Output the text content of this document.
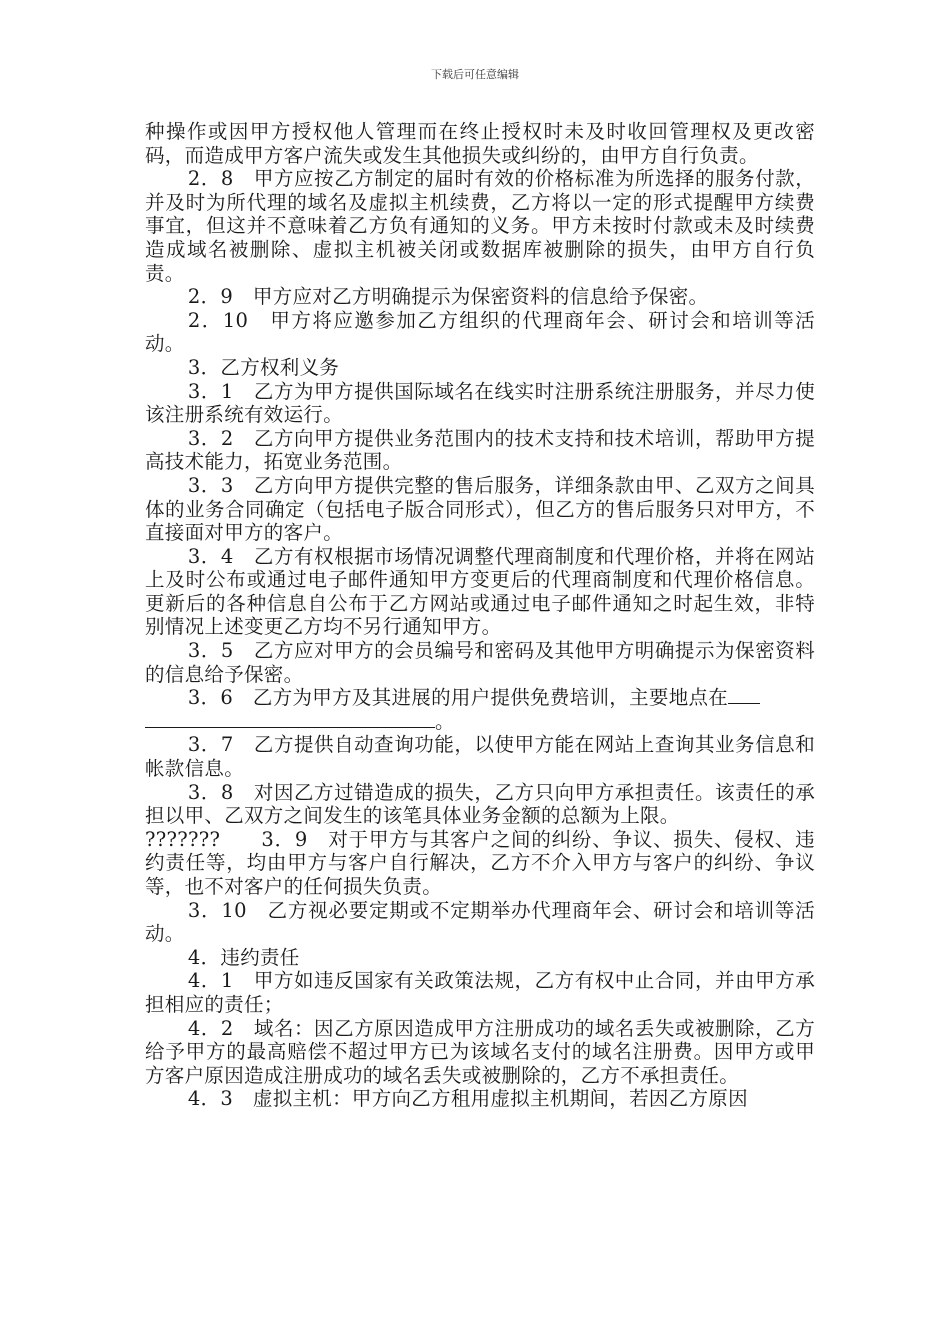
下载后可任意编辑

种操作或因甲方授权他人管理而在终止授权时未及时收回管理权及更改密码，而造成甲方客户流失或发生其他损失或纠纷的，由甲方自行负责。

2．8　甲方应按乙方制定的届时有效的价格标准为所选择的服务付款，并及时为所代理的域名及虚拟主机续费，乙方将以一定的形式提醒甲方续费事宜，但这并不意味着乙方负有通知的义务。甲方未按时付款或未及时续费造成域名被删除、虚拟主机被关闭或数据库被删除的损失，由甲方自行负责。

2．9　甲方应对乙方明确提示为保密资料的信息给予保密。

2．10　甲方将应邀参加乙方组织的代理商年会、研讨会和培训等活动。

3．乙方权利义务

3．1　乙方为甲方提供国际域名在线实时注册系统注册服务，并尽力使该注册系统有效运行。

3．2　乙方向甲方提供业务范围内的技术支持和技术培训，帮助甲方提高技术能力，拓宽业务范围。

3．3　乙方向甲方提供完整的售后服务，详细条款由甲、乙双方之间具体的业务合同确定（包括电子版合同形式），但乙方的售后服务只对甲方，不直接面对甲方的客户。

3．4　乙方有权根据市场情况调整代理商制度和代理价格，并将在网站上及时公布或通过电子邮件通知甲方变更后的代理商制度和代理价格信息。更新后的各种信息自公布于乙方网站或通过电子邮件通知之时起生效，非特别情况上述变更乙方均不另行通知甲方。

3．5　乙方应对甲方的会员编号和密码及其他甲方明确提示为保密资料的信息给予保密。

3．6　乙方为甲方及其进展的用户提供免费培训，主要地点在
。

3．7　乙方提供自动查询功能，以使甲方能在网站上查询其业务信息和帐款信息。

3．8　对因乙方过错造成的损失，乙方只向甲方承担责任。该责任的承担以甲、乙双方之间发生的该笔具体业务金额的总额为上限。

???????　　3．9　对于甲方与其客户之间的纠纷、争议、损失、侵权、违约责任等，均由甲方与客户自行解决，乙方不介入甲方与客户的纠纷、争议等，也不对客户的任何损失负责。

3．10　乙方视必要定期或不定期举办代理商年会、研讨会和培训等活动。

4．违约责任

4．1　甲方如违反国家有关政策法规，乙方有权中止合同，并由甲方承担相应的责任；

4．2　域名：因乙方原因造成甲方注册成功的域名丢失或被删除，乙方给予甲方的最高赔偿不超过甲方已为该域名支付的域名注册费。因甲方或甲方客户原因造成注册成功的域名丢失或被删除的，乙方不承担责任。

4．3　虚拟主机：甲方向乙方租用虚拟主机期间，若因乙方原因
